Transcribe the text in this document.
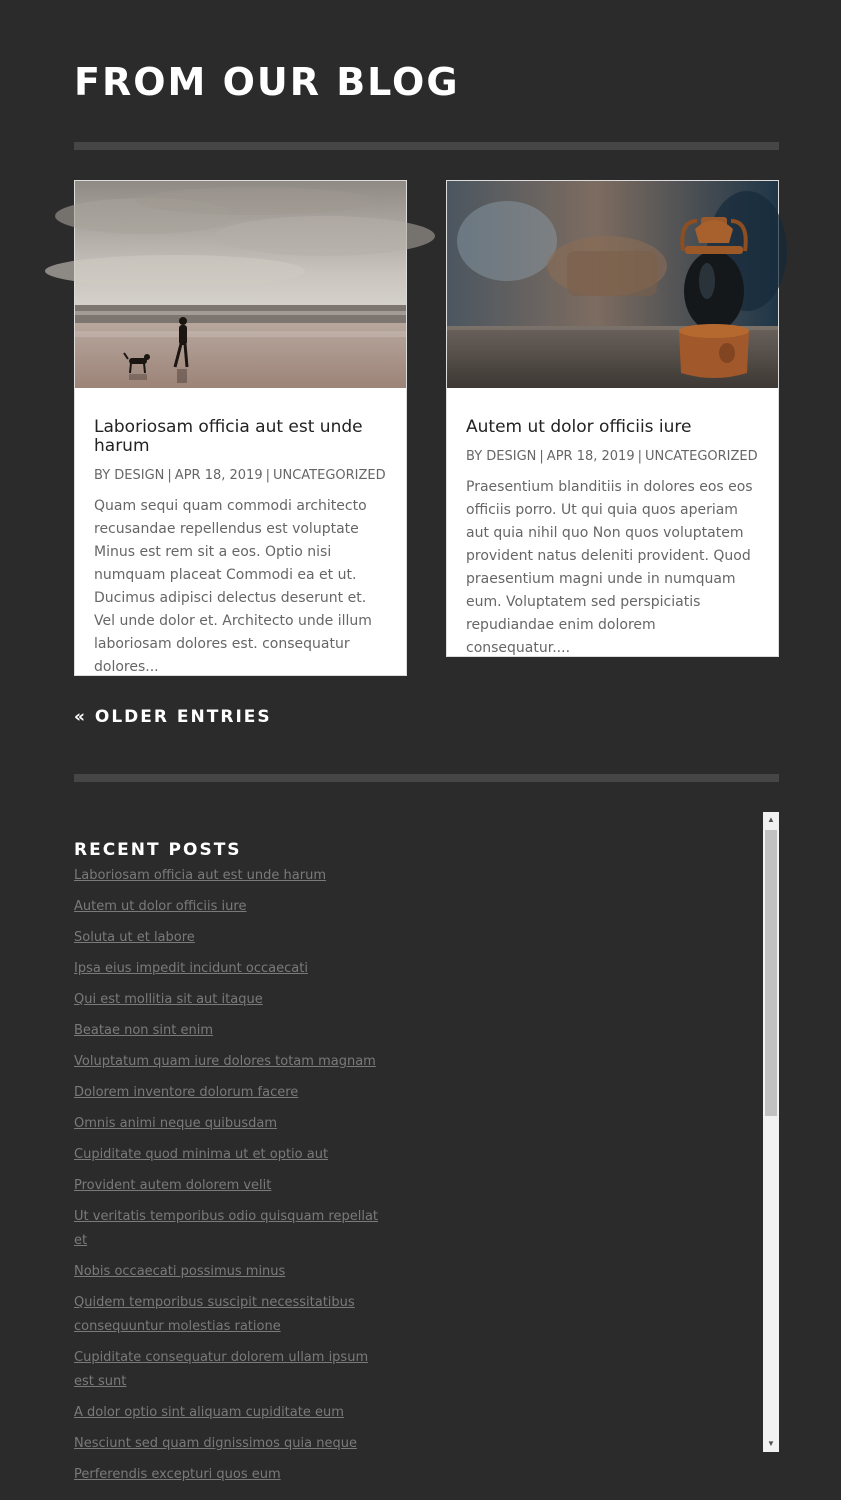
FROM OUR BLOG
Laboriosam officia aut est unde harum
BY DESIGN | APR 18, 2019 | UNCATEGORIZED
Quam sequi quam commodi architecto recusandae repellendus est voluptate Minus est rem sit a eos. Optio nisi numquam placeat Commodi ea et ut. Ducimus adipisci delectus deserunt et. Vel unde dolor et. Architecto unde illum laboriosam dolores est. consequatur dolores...
Autem ut dolor officiis iure
BY DESIGN | APR 18, 2019 | UNCATEGORIZED
Praesentium blanditiis in dolores eos eos officiis porro. Ut qui quia quos aperiam aut quia nihil quo Non quos voluptatem provident natus deleniti provident. Quod praesentium magni unde in numquam eum. Voluptatem sed perspiciatis repudiandae enim dolorem consequatur....
« OLDER ENTRIES
RECENT POSTS
Laboriosam officia aut est unde harum
Autem ut dolor officiis iure
Soluta ut et labore
Ipsa eius impedit incidunt occaecati
Qui est mollitia sit aut itaque
Beatae non sint enim
Voluptatum quam iure dolores totam magnam
Dolorem inventore dolorum facere
Omnis animi neque quibusdam
Cupiditate quod minima ut et optio aut
Provident autem dolorem velit
Ut veritatis temporibus odio quisquam repellat et
Nobis occaecati possimus minus
Quidem temporibus suscipit necessitatibus consequuntur molestias ratione
Cupiditate consequatur dolorem ullam ipsum est sunt
A dolor optio sint aliquam cupiditate eum
Nesciunt sed quam dignissimos quia neque
Perferendis excepturi quos eum
▲
▼
